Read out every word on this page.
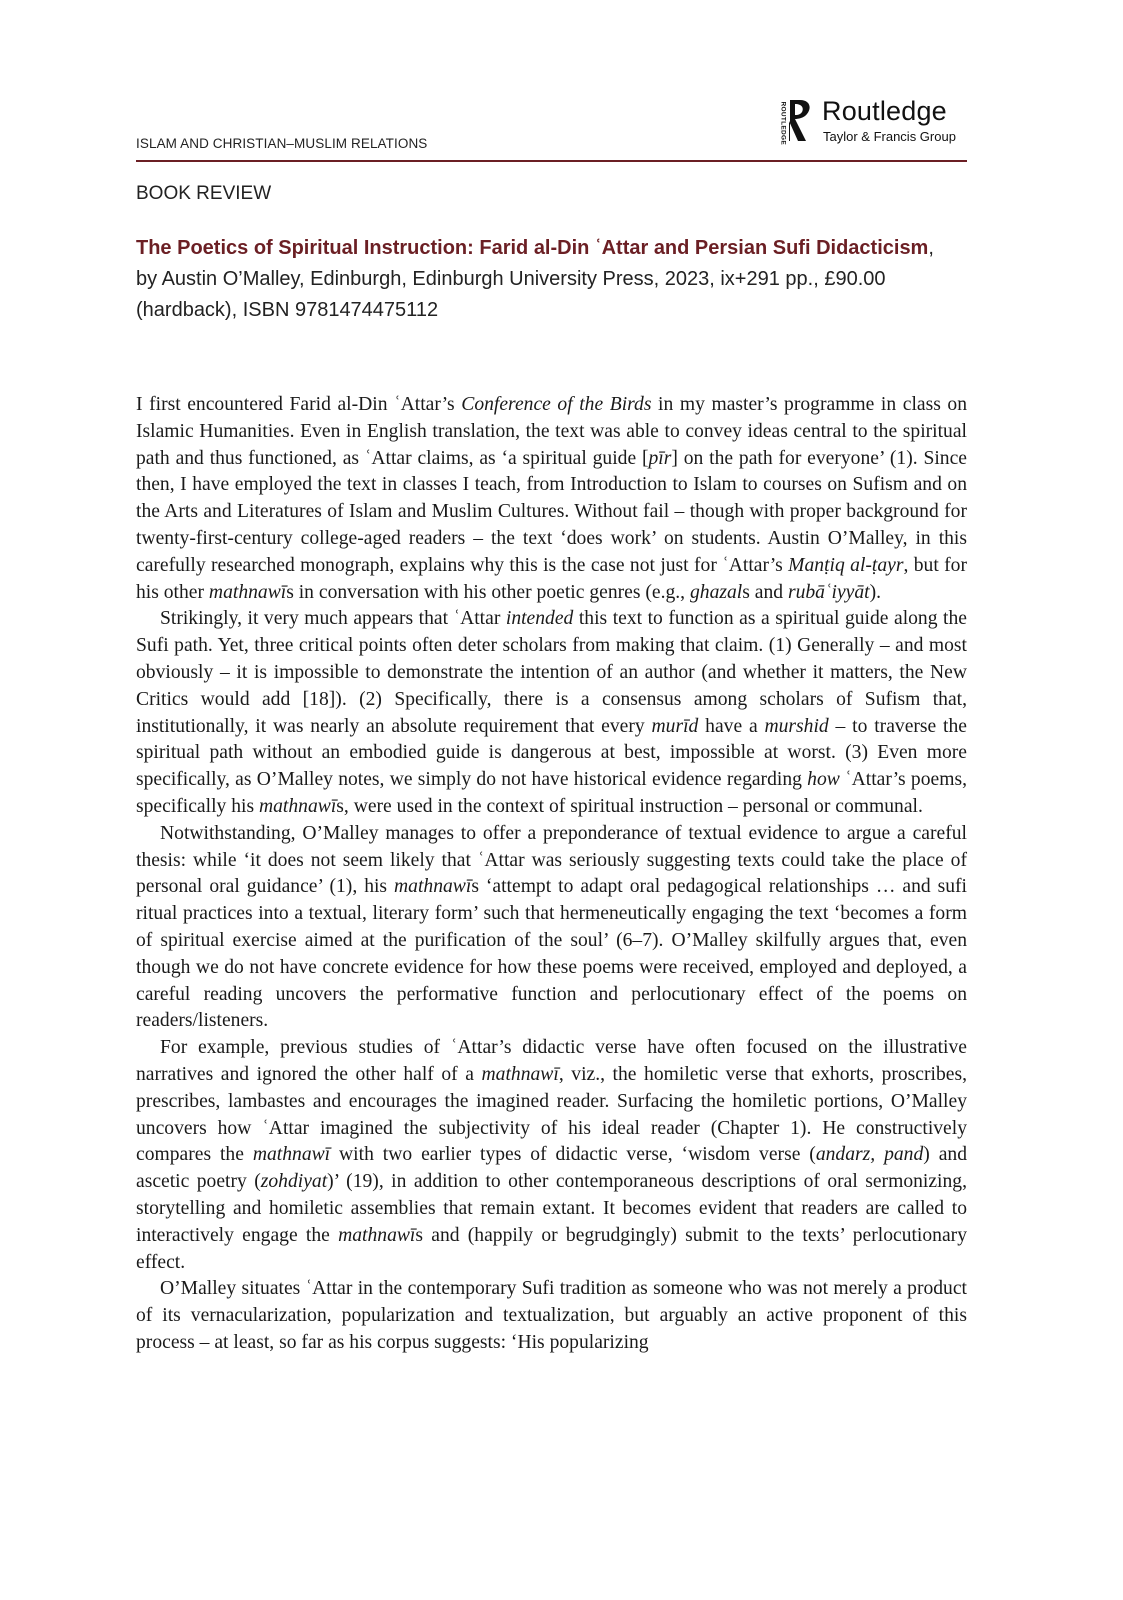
ISLAM AND CHRISTIAN–MUSLIM RELATIONS	ROUTLEDGE Routledge
Taylor & Francis Group
BOOK REVIEW
The Poetics of Spiritual Instruction: Farid al-Din ʿAttar and Persian Sufi Didacticism, by Austin O’Malley, Edinburgh, Edinburgh University Press, 2023, ix+291 pp., £90.00 (hardback), ISBN 9781474475112

I first encountered Farid al-Din ʿAttar’s Conference of the Birds in my master’s programme in class on Islamic Humanities. Even in English translation, the text was able to convey ideas central to the spiritual path and thus functioned, as ʿAttar claims, as ‘a spiritual guide [pīr] on the path for everyone’ (1). Since then, I have employed the text in classes I teach, from Introduction to Islam to courses on Sufism and on the Arts and Literatures of Islam and Muslim Cultures. Without fail – though with proper background for twenty-first-century college-aged readers – the text ‘does work’ on students. Austin O’Malley, in this carefully researched monograph, explains why this is the case not just for ʿAttar’s Manṭiq al-ṭayr, but for his other mathnawīs in conversation with his other poetic genres (e.g., ghazals and rubāʿiyyāt).

Strikingly, it very much appears that ʿAttar intended this text to function as a spiritual guide along the Sufi path. Yet, three critical points often deter scholars from making that claim. (1) Generally – and most obviously – it is impossible to demonstrate the intention of an author (and whether it matters, the New Critics would add [18]). (2) Specifically, there is a consensus among scholars of Sufism that, institutionally, it was nearly an absolute requirement that every murīd have a murshid – to traverse the spiritual path without an embodied guide is dangerous at best, impossible at worst. (3) Even more specifically, as O’Malley notes, we simply do not have historical evidence regarding how ʿAttar’s poems, specifically his mathnawīs, were used in the context of spiritual instruction – personal or communal.

Notwithstanding, O’Malley manages to offer a preponderance of textual evidence to argue a careful thesis: while ‘it does not seem likely that ʿAttar was seriously suggesting texts could take the place of personal oral guidance’ (1), his mathnawīs ‘attempt to adapt oral pedagogical relationships … and sufi ritual practices into a textual, literary form’ such that hermeneutically engaging the text ‘becomes a form of spiritual exercise aimed at the purification of the soul’ (6–7). O’Malley skilfully argues that, even though we do not have concrete evidence for how these poems were received, employed and deployed, a careful reading uncovers the performative function and perlocutionary effect of the poems on readers/listeners.

For example, previous studies of ʿAttar’s didactic verse have often focused on the illustrative narratives and ignored the other half of a mathnawī, viz., the homiletic verse that exhorts, proscribes, prescribes, lambastes and encourages the imagined reader. Surfacing the homiletic portions, O’Malley uncovers how ʿAttar imagined the subjectivity of his ideal reader (Chapter 1). He constructively compares the mathnawī with two earlier types of didactic verse, ‘wisdom verse (andarz, pand) and ascetic poetry (zohdiyat)’ (19), in addition to other contemporaneous descriptions of oral sermonizing, storytelling and homiletic assemblies that remain extant. It becomes evident that readers are called to interactively engage the mathnawīs and (happily or begrudgingly) submit to the texts’ perlocutionary effect.

O’Malley situates ʿAttar in the contemporary Sufi tradition as someone who was not merely a product of its vernacularization, popularization and textualization, but arguably an active proponent of this process – at least, so far as his corpus suggests: ‘His popularizing
